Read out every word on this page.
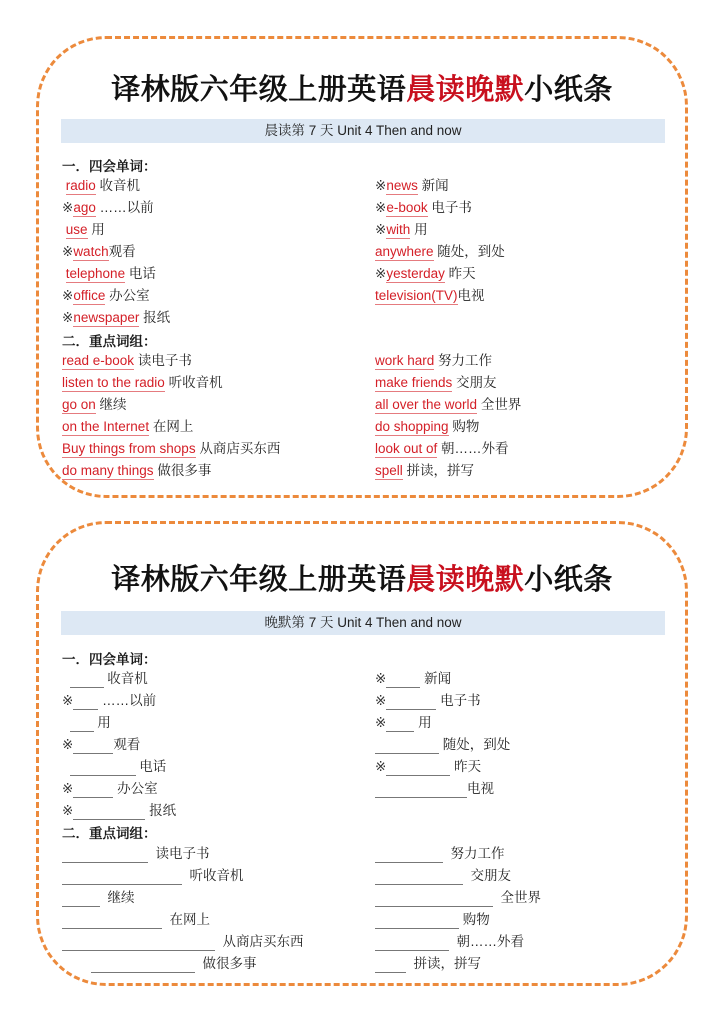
译林版六年级上册英语晨读晚默小纸条
晨读第 7 天 Unit 4 Then and now
一．四会单词：
radio 收音机
※ago ……以前
use 用
※watch观看
telephone 电话
※office 办公室
※newspaper 报纸
※news 新闻
※e-book 电子书
※with 用
anywhere 随处，到处
※yesterday 昨天
television(TV)电视
二．重点词组：
read e-book 读电子书
listen to the radio 听收音机
go on 继续
on the Internet 在网上
Buy things from shops 从商店买东西
do many things 做很多事
work hard 努力工作
make friends 交朋友
all over the world 全世界
do shopping 购物
look out of 朝……外看
spell 拼读，拼写
译林版六年级上册英语晨读晚默小纸条
晚默第 7 天 Unit 4 Then and now
一．四会单词：
收音机
※ ……以前
用
※	观看
电话
※	办公室
※	报纸
※	新闻
※	电子书
※ 用
随处，到处
※	昨天
电视
二．重点词组：
读电子书
听收音机
继续
在网上
从商店买东西
做很多事
努力工作
交朋友
全世界
购物
朝……外看
拼读，拼写
